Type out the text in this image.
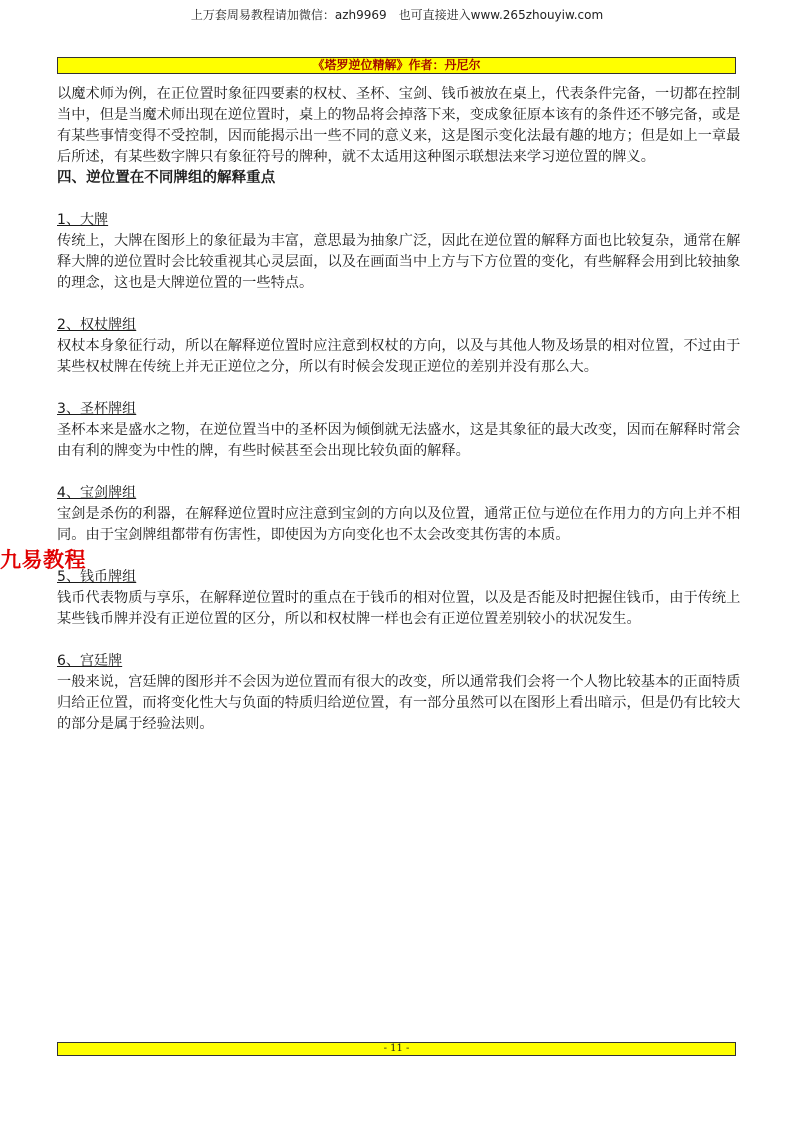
上万套周易教程请加微信：azh9969　也可直接进入www.265zhouyiw.com
《塔罗逆位精解》作者：丹尼尔

以魔术师为例，在正位置时象征四要素的权杖、圣杯、宝剑、钱币被放在桌上，代表条件完备，一切都在控制当中，但是当魔术师出现在逆位置时，桌上的物品将会掉落下来，变成象征原本该有的条件还不够完备，或是有某些事情变得不受控制，因而能揭示出一些不同的意义来，这是图示变化法最有趣的地方；但是如上一章最后所述，有某些数字牌只有象征符号的牌种，就不太适用这种图示联想法来学习逆位置的牌义。

四、逆位置在不同牌组的解释重点

1、大牌

传统上，大牌在图形上的象征最为丰富，意思最为抽象广泛，因此在逆位置的解释方面也比较复杂，通常在解释大牌的逆位置时会比较重视其心灵层面，以及在画面当中上方与下方位置的变化，有些解释会用到比较抽象的理念，这也是大牌逆位置的一些特点。

2、权杖牌组

权杖本身象征行动，所以在解释逆位置时应注意到权杖的方向，以及与其他人物及场景的相对位置，不过由于某些权杖牌在传统上并无正逆位之分，所以有时候会发现正逆位的差别并没有那么大。

3、圣杯牌组

圣杯本来是盛水之物，在逆位置当中的圣杯因为倾倒就无法盛水，这是其象征的最大改变，因而在解释时常会由有利的牌变为中性的牌，有些时候甚至会出现比较负面的解释。

4、宝剑牌组

宝剑是杀伤的利器，在解释逆位置时应注意到宝剑的方向以及位置，通常正位与逆位在作用力的方向上并不相同。由于宝剑牌组都带有伤害性，即使因为方向变化也不太会改变其伤害的本质。

5、钱币牌组

钱币代表物质与享乐，在解释逆位置时的重点在于钱币的相对位置，以及是否能及时把握住钱币，由于传统上某些钱币牌并没有正逆位置的区分，所以和权杖牌一样也会有正逆位置差别较小的状况发生。

6、宫廷牌

一般来说，宫廷牌的图形并不会因为逆位置而有很大的改变，所以通常我们会将一个人物比较基本的正面特质归给正位置，而将变化性大与负面的特质归给逆位置，有一部分虽然可以在图形上看出暗示，但是仍有比较大的部分是属于经验法则。

九易教程
- 11 -
